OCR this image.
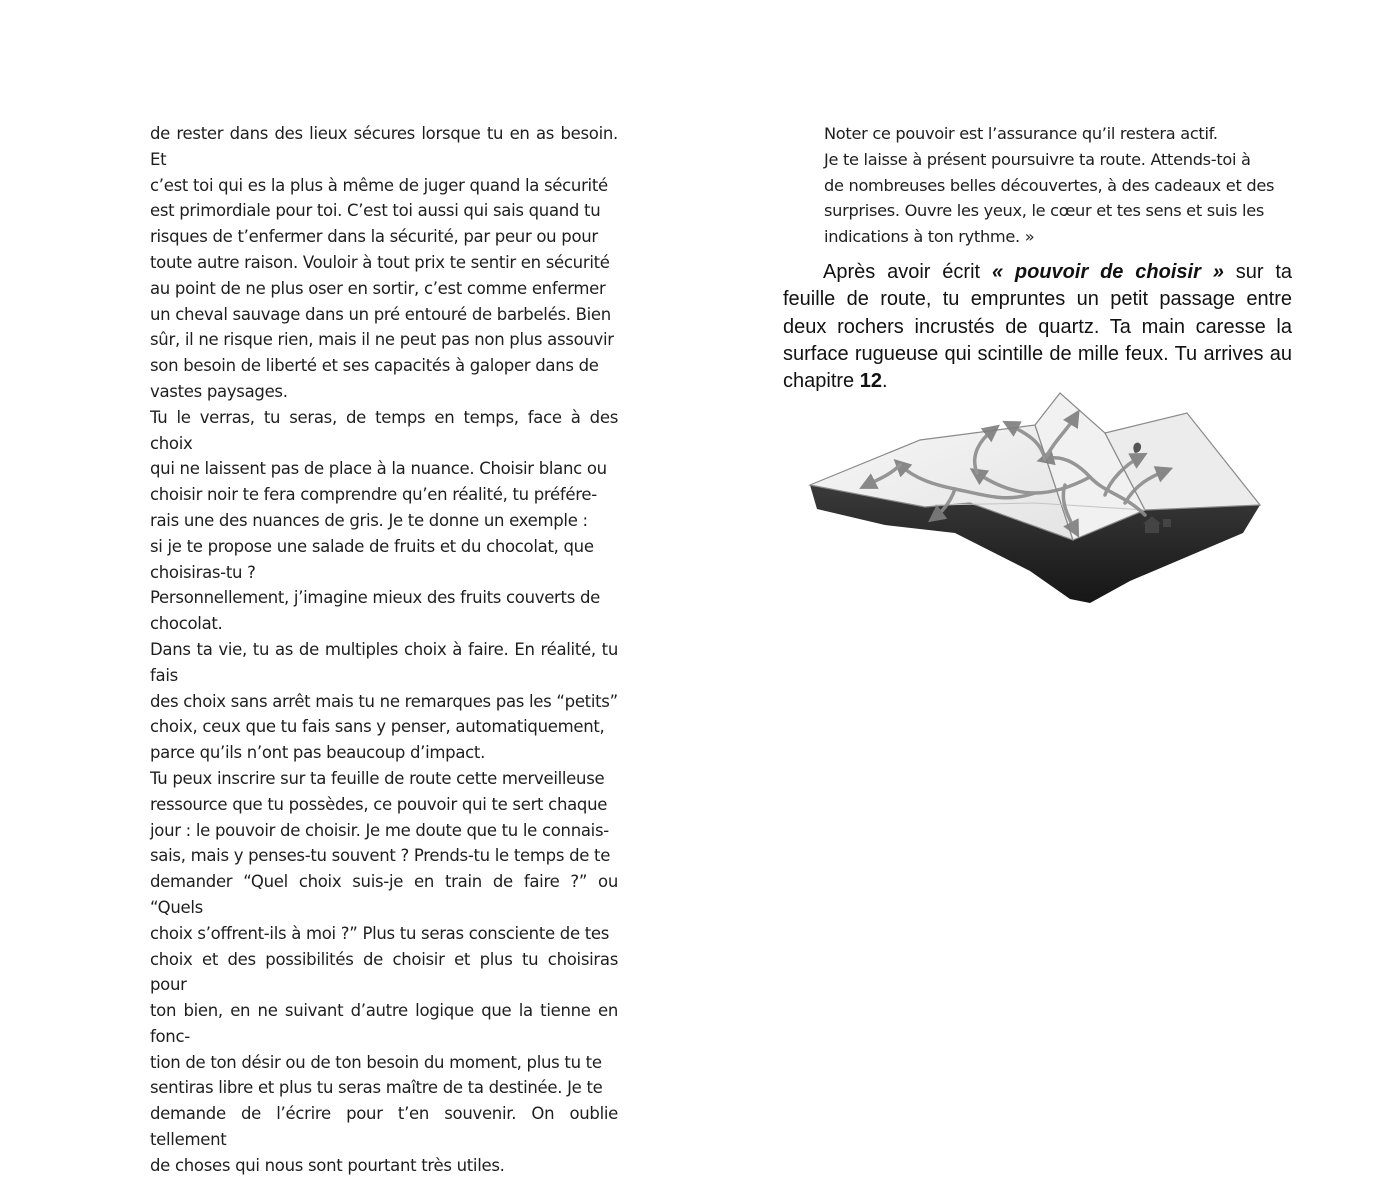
de rester dans des lieux sécures lorsque tu en as besoin. Et

c’est toi qui es la plus à même de juger quand la sécurité

est primordiale pour toi. C’est toi aussi qui sais quand tu

risques de t’enfermer dans la sécurité, par peur ou pour

toute autre raison. Vouloir à tout prix te sentir en sécurité

au point de ne plus oser en sortir, c’est comme enfermer

un cheval sauvage dans un pré entouré de barbelés. Bien

sûr, il ne risque rien, mais il ne peut pas non plus assouvir

son besoin de liberté et ses capacités à galoper dans de

vastes paysages.

Tu le verras, tu seras, de temps en temps, face à des choix

qui ne laissent pas de place à la nuance. Choisir blanc ou

choisir noir te fera comprendre qu’en réalité, tu préfére-

rais une des nuances de gris. Je te donne un exemple :

si je te propose une salade de fruits et du chocolat, que

choisiras-tu ?

Personnellement, j’imagine mieux des fruits couverts de

chocolat.

Dans ta vie, tu as de multiples choix à faire. En réalité, tu fais

des choix sans arrêt mais tu ne remarques pas les “petits”

choix, ceux que tu fais sans y penser, automatiquement,

parce qu’ils n’ont pas beaucoup d’impact.

Tu peux inscrire sur ta feuille de route cette merveilleuse

ressource que tu possèdes, ce pouvoir qui te sert chaque

jour : le pouvoir de choisir. Je me doute que tu le connais-

sais, mais y penses-tu souvent ? Prends-tu le temps de te

demander “Quel choix suis-je en train de faire ?” ou “Quels

choix s’offrent-ils à moi ?” Plus tu seras consciente de tes

choix et des possibilités de choisir et plus tu choisiras pour

ton bien, en ne suivant d’autre logique que la tienne en fonc-

tion de ton désir ou de ton besoin du moment, plus tu te

sentiras libre et plus tu seras maître de ta destinée. Je te

demande de l’écrire pour t’en souvenir. On oublie tellement

de choses qui nous sont pourtant très utiles.

Noter ce pouvoir est l’assurance qu’il restera actif.

Je te laisse à présent poursuivre ta route. Attends-toi à

de nombreuses belles découvertes, à des cadeaux et des

surprises. Ouvre les yeux, le cœur et tes sens et suis les

indications à ton rythme. »

Après avoir écrit « pouvoir de choisir » sur ta feuille de route, tu empruntes un petit passage entre deux rochers incrustés de quartz. Ta main caresse la surface rugueuse qui scintille de mille feux. Tu arrives au chapitre 12.
